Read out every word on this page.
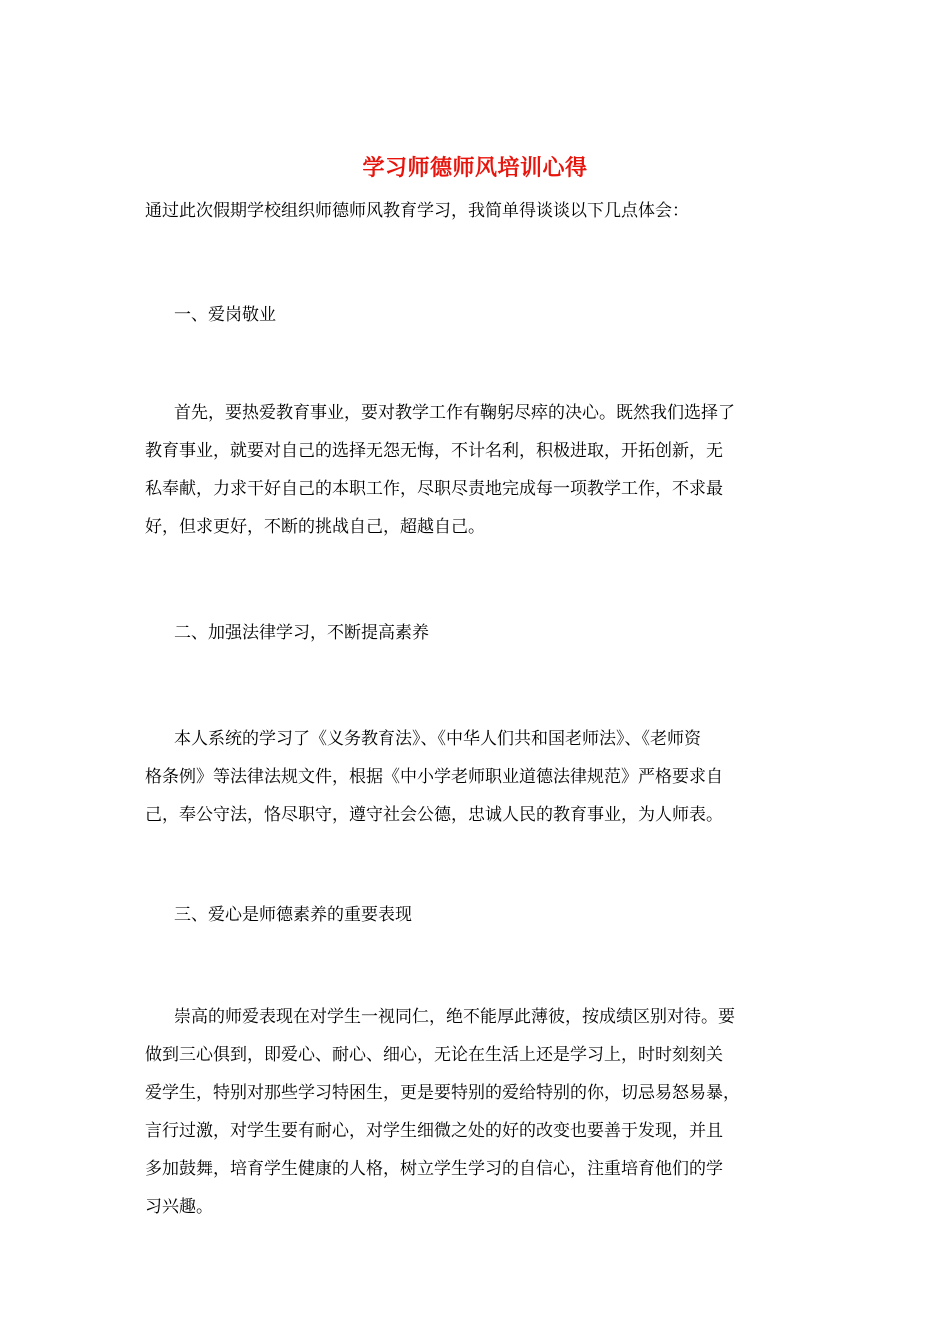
学习师德师风培训心得
通过此次假期学校组织师德师风教育学习，我简单得谈谈以下几点体会：
一、爱岗敬业
首先，要热爱教育事业，要对教学工作有鞠躬尽瘁的决心。既然我们选择了
教育事业，就要对自己的选择无怨无悔，不计名利，积极进取，开拓创新，无
私奉献，力求干好自己的本职工作，尽职尽责地完成每一项教学工作，不求最
好，但求更好，不断的挑战自己，超越自己。
二、加强法律学习，不断提高素养
本人系统的学习了《义务教育法》、《中华人们共和国老师法》、《老师资
格条例》等法律法规文件，根据《中小学老师职业道德法律规范》严格要求自
己，奉公守法，恪尽职守，遵守社会公德，忠诚人民的教育事业，为人师表。
三、爱心是师德素养的重要表现
崇高的师爱表现在对学生一视同仁，绝不能厚此薄彼，按成绩区别对待。要
做到三心俱到，即爱心、耐心、细心，无论在生活上还是学习上，时时刻刻关
爱学生，特别对那些学习特困生，更是要特别的爱给特别的你，切忌易怒易暴，
言行过激，对学生要有耐心，对学生细微之处的好的改变也要善于发现，并且
多加鼓舞，培育学生健康的人格，树立学生学习的自信心，注重培育他们的学
习兴趣。
